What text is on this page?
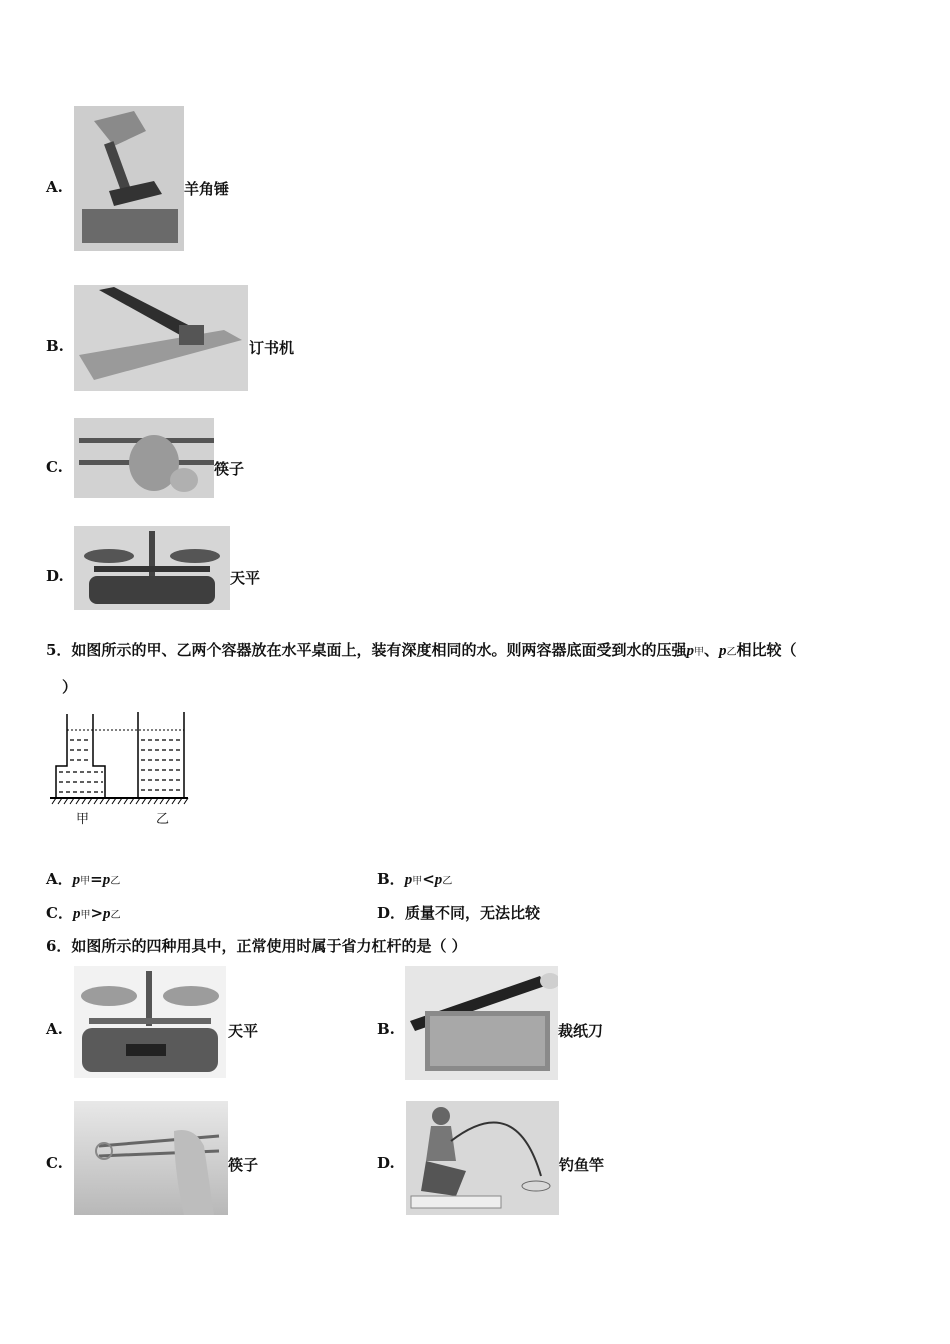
A.	羊角锤
B.	订书机
C.	筷子
D.	天平
5．如图所示的甲、乙两个容器放在水平桌面上，装有深度相同的水。则两容器底面受到水的压强p甲、p乙相比较（
）
甲	乙
A．p甲=p乙	B．p甲<p乙
C．p甲>p乙	D．质量不同，无法比较
6．如图所示的四种用具中，正常使用时属于省力杠杆的是（ ）
A.	天平	B.	裁纸刀
C.	筷子	D.	钓鱼竿
